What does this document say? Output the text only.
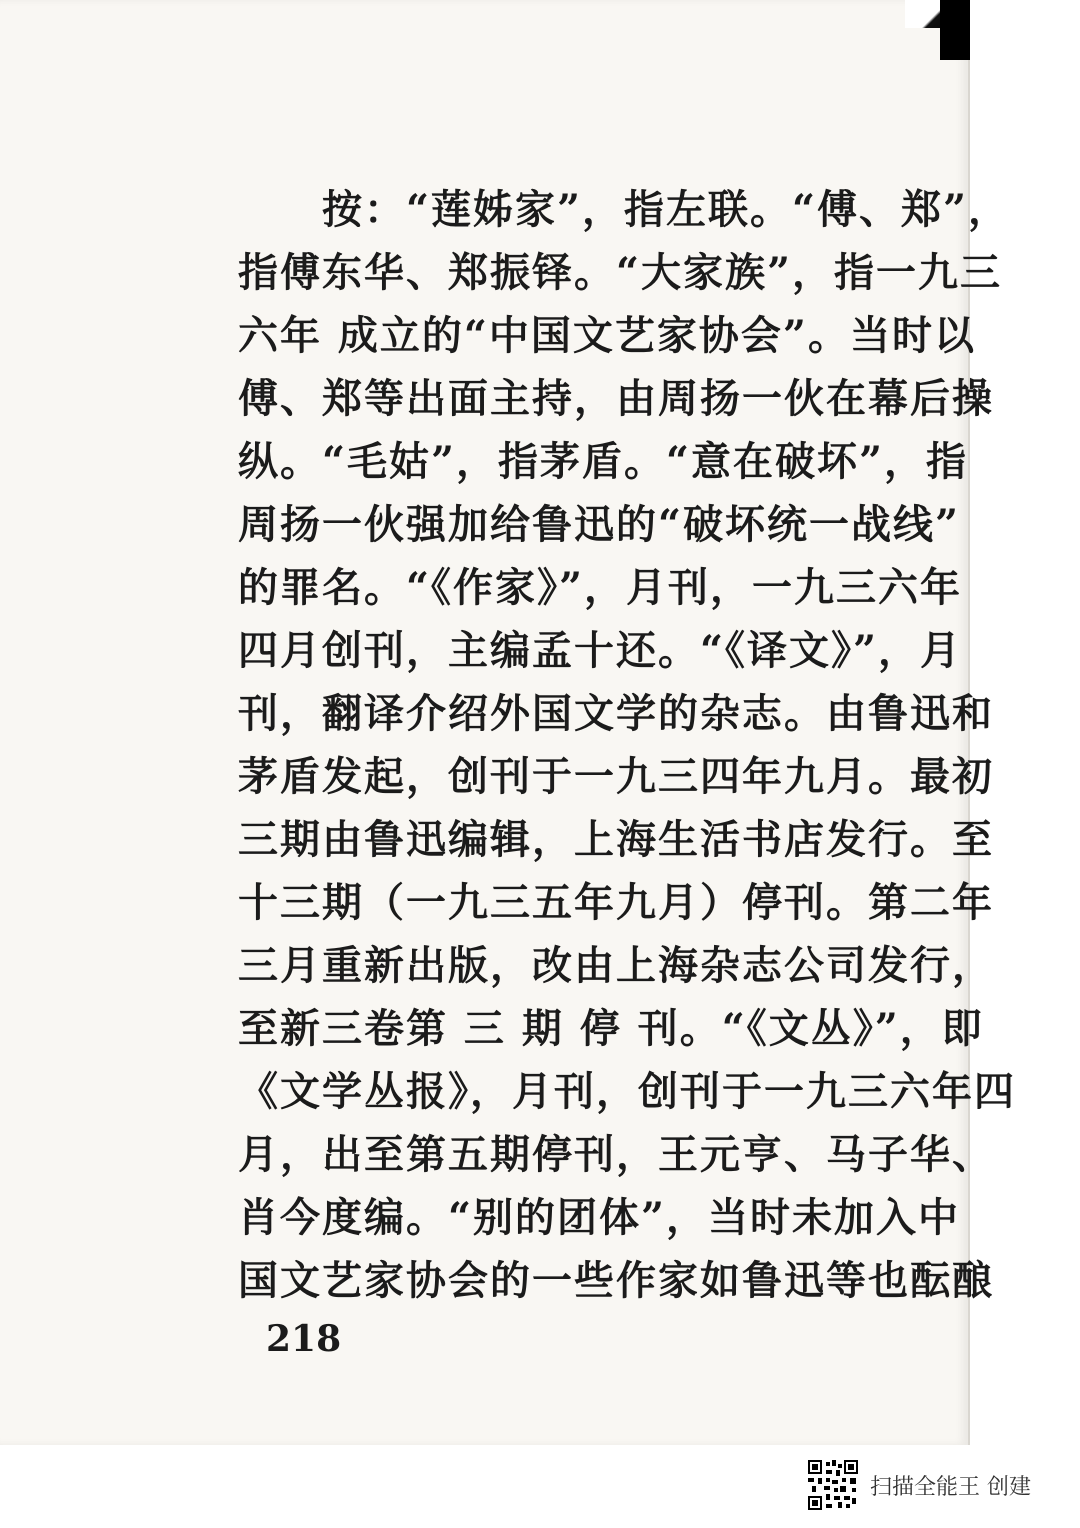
按：“莲姊家”，指左联。“傅、郑”，
指傅东华、郑振铎。“大家族”，指一九三
六年 成立的“中国文艺家协会”。当时以
傅、郑等出面主持，由周扬一伙在幕后操
纵。“毛姑”，指茅盾。“意在破坏”，指
周扬一伙强加给鲁迅的“破坏统一战线”
的罪名。“《作家》”，月刊，一九三六年
四月创刊，主编孟十还。“《译文》”，月
刊，翻译介绍外国文学的杂志。由鲁迅和
茅盾发起，创刊于一九三四年九月。最初
三期由鲁迅编辑，上海生活书店发行。至
十三期（一九三五年九月）停刊。第二年
三月重新出版，改由上海杂志公司发行，
至新三卷第 三 期 停 刊。“《文丛》”，即
《文学丛报》，月刊，创刊于一九三六年四
月，出至第五期停刊，王元亨、马子华、
肖今度编。“别的团体”，当时未加入中
国文艺家协会的一些作家如鲁迅等也酝酿
218
扫描全能王 创建
